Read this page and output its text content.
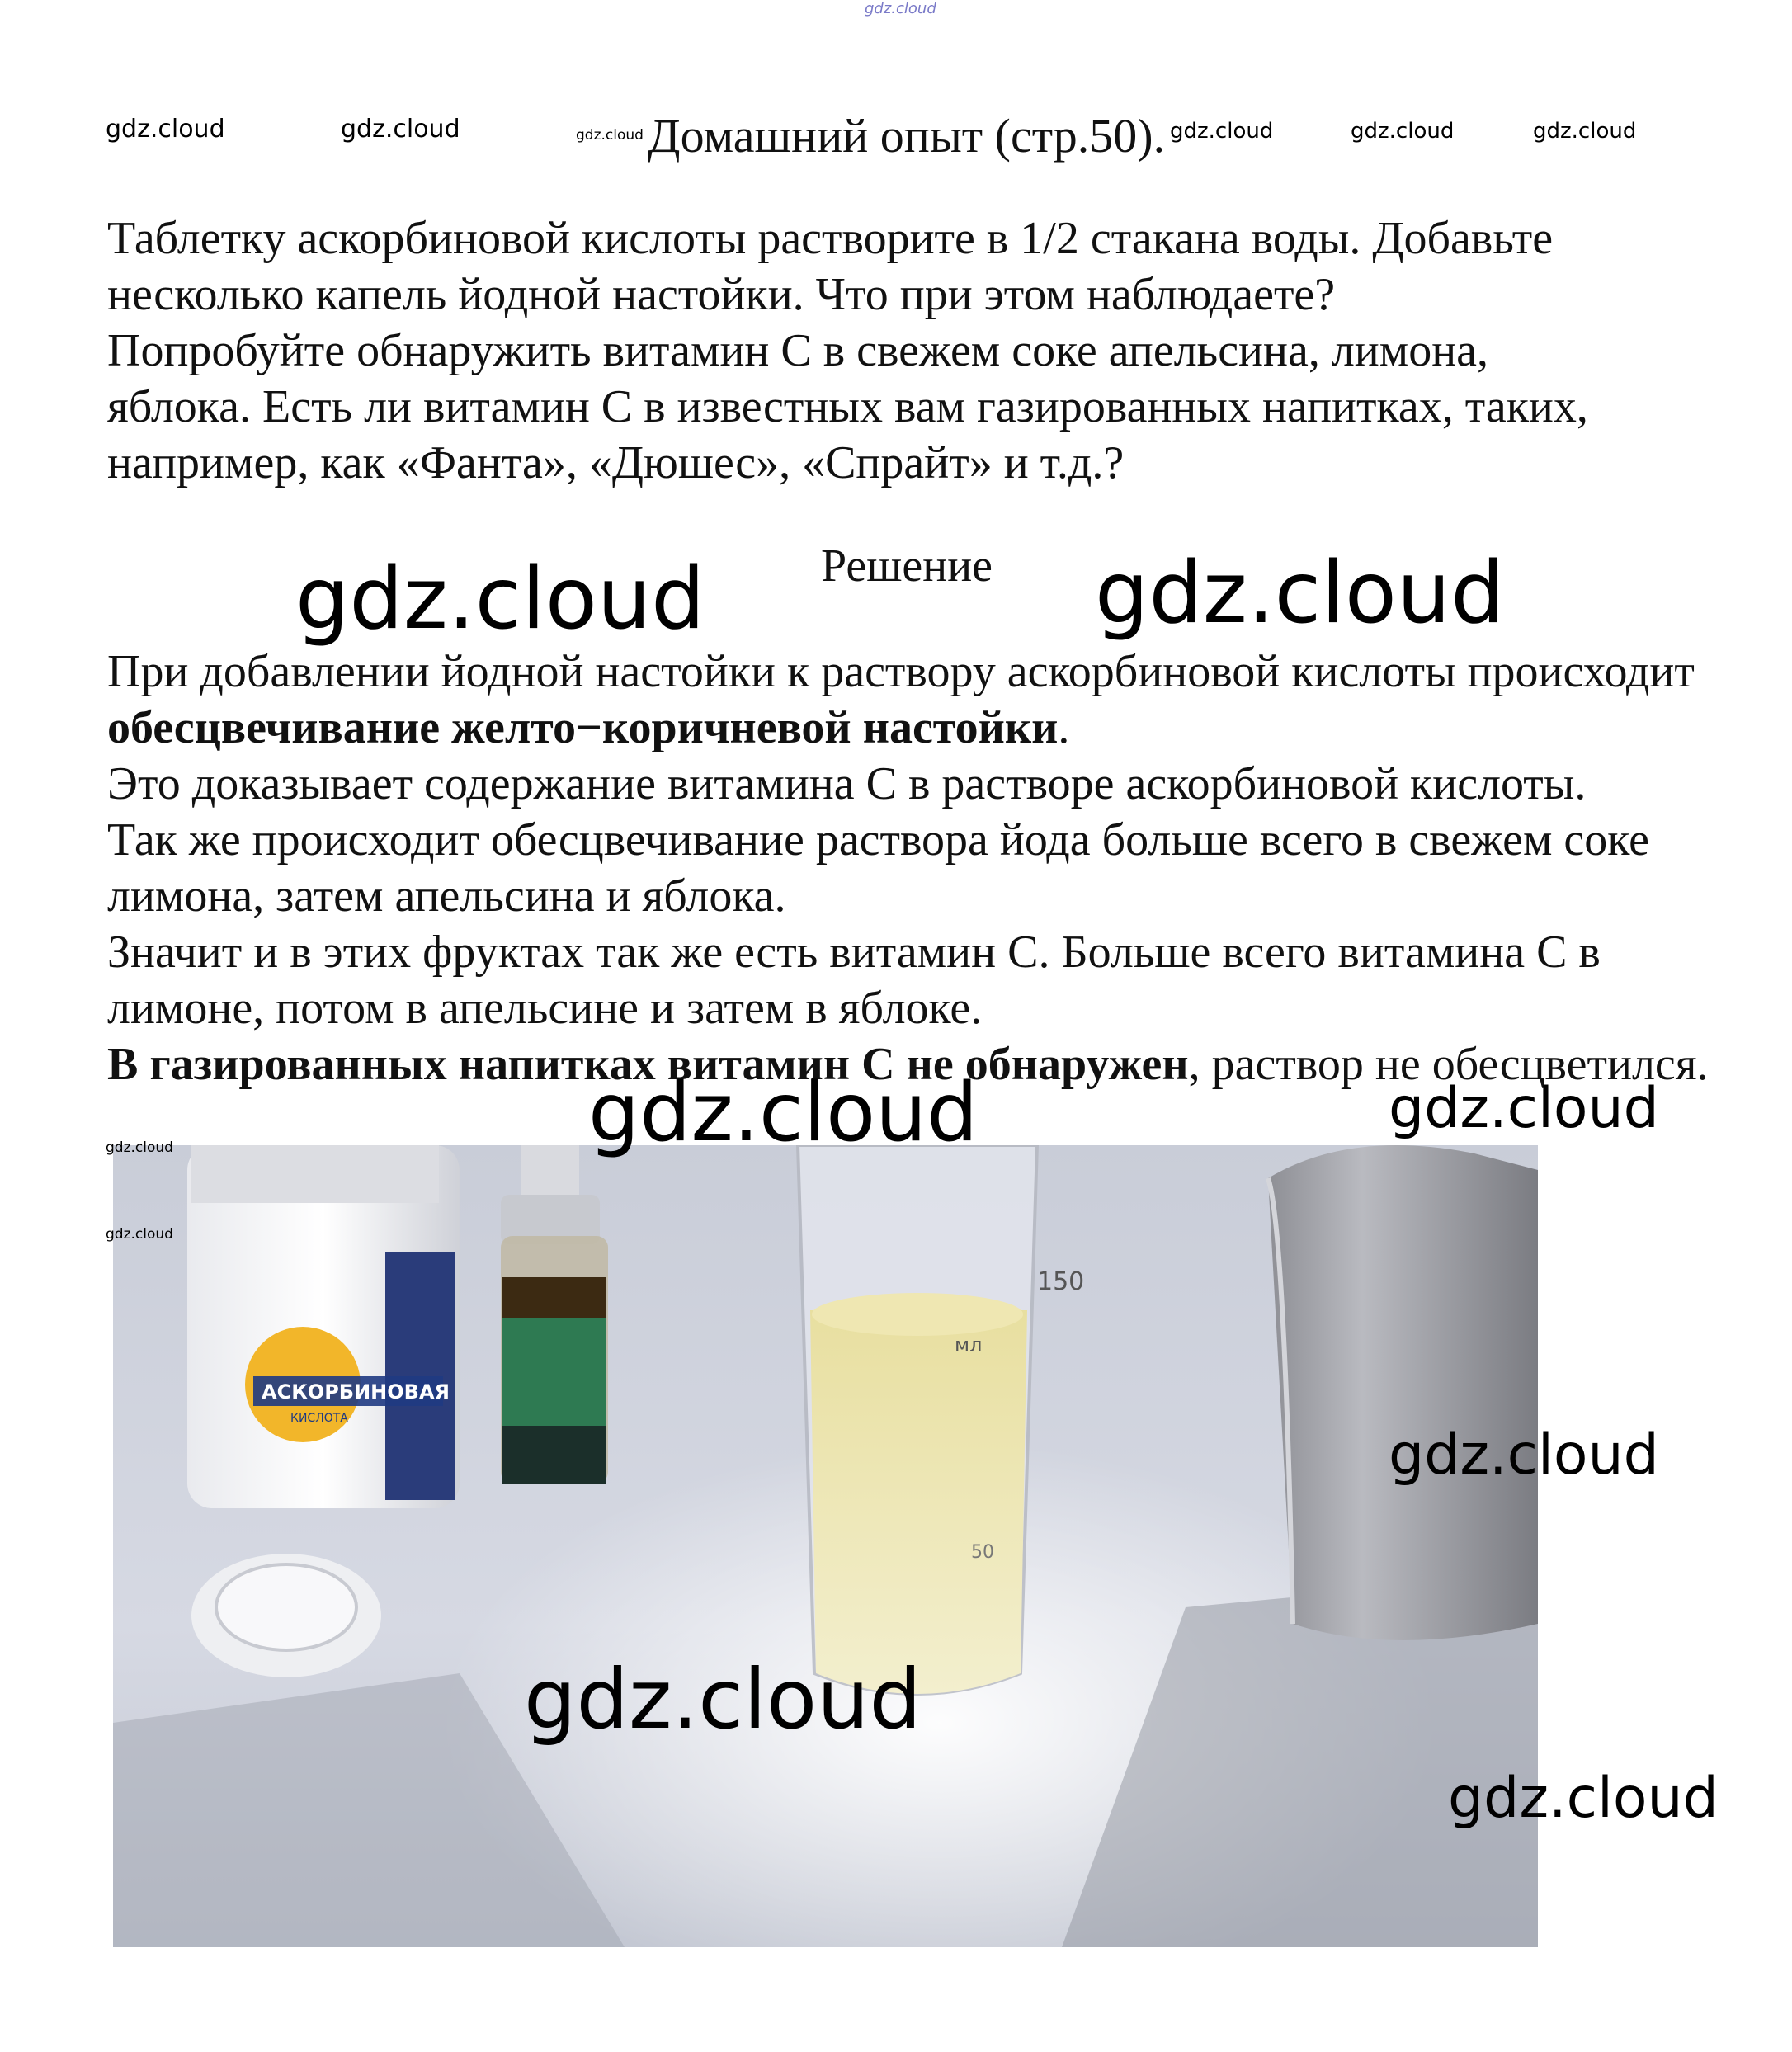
gdz.cloud
gdz.cloud	gdz.cloud	gdz.cloud	gdz.cloud	gdz.cloud	gdz.cloud
Домашний опыт (стр.50).
Таблетку аскорбиновой кислоты растворите в 1/2 стакана воды. Добавьте
несколько капель йодной настойки. Что при этом наблюдаете?
Попробуйте обнаружить витамин С в свежем соке апельсина, лимона,
яблока. Есть ли витамин С в известных вам газированных напитках, таких,
например, как «Фанта», «Дюшес», «Спрайт» и т.д.?
Решение
gdz.cloud	gdz.cloud

При добавлении йодной настойки к раствору аскорбиновой кислоты происходит обесцвечивание желто−коричневой настойки.

Это доказывает содержание витамина С в растворе аскорбиновой кислоты.

Так же происходит обесцвечивание раствора йода больше всего в свежем соке лимона, затем апельсина и яблока.

Значит и в этих фруктах так же есть витамин С. Больше всего витамина С в лимоне, потом в апельсине и затем в яблоке.

В газированных напитках витамин С не обнаружен, раствор не обесцветился.

АСКОРБИНОВАЯ
КИСЛОТА
150
мл
50
gdz.cloud	gdz.cloud
gdz.cloud
gdz.cloud
gdz.cloud
gdz.cloud
gdz.cloud
